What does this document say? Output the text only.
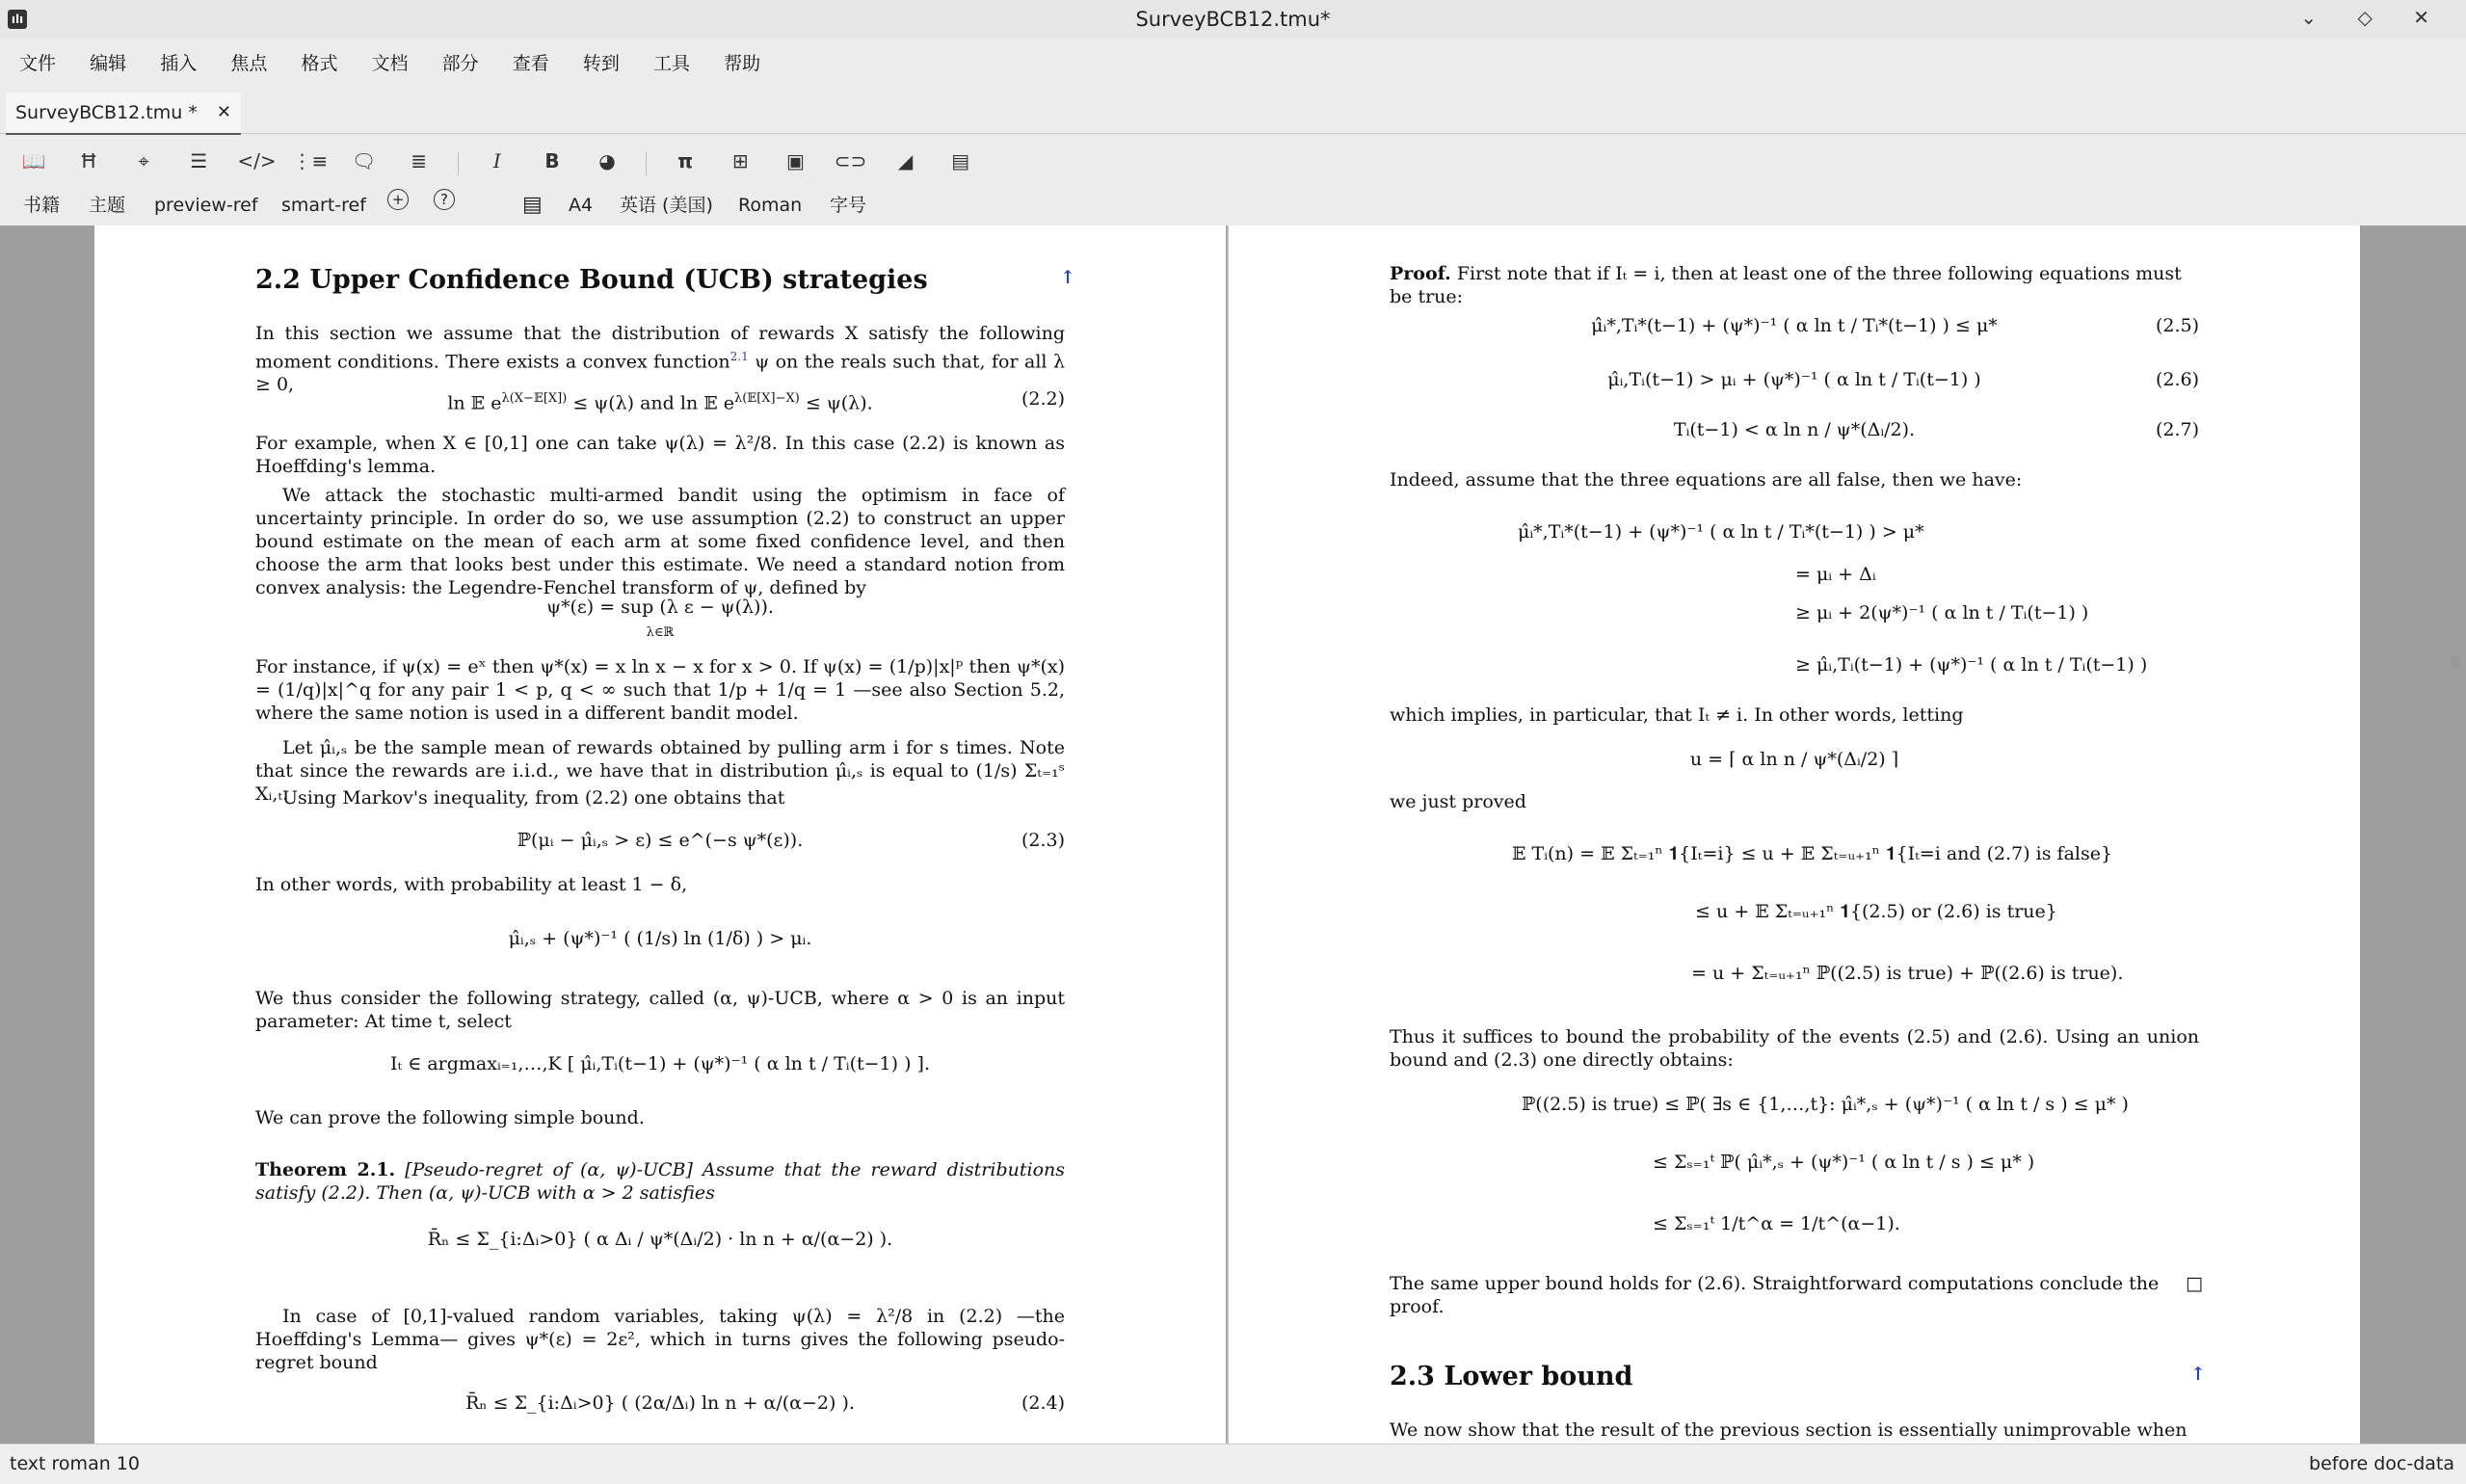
ılı	SurveyBCB12.tmu*	⌄ ◇ ✕
文件 编辑 插入 焦点 格式 文档 部分 查看 转到 工具 帮助
SurveyBCB12.tmu * ✕
📖 Ħ ⌖ ☰ </> ⋮≡ 🗨 ≣	I B ◕	π ⊞ ▣ ⊂⊃ ◢ ▤
书籍 主题 preview-ref smart-ref	+	?	▤ A4 英语 (美国) Roman 字号
2.2 Upper Confidence Bound (UCB) strategies	↑
In this section we assume that the distribution of rewards X satisfy the following moment conditions. There exists a convex function$^{2.1}$ ψ on the reals such that, for all λ ≥ 0,
ln 𝔼 $e^{\lambda(X-𝔼[X])} \le \psi(\lambda)$ and ln 𝔼 $e^{\lambda(𝔼[X]-X)} \le \psi(\lambda)$.	(2.2)
For example, when X ∈ [0,1] one can take ψ(λ) = λ²/8. In this case (2.2) is known as Hoeffding's lemma.
We attack the stochastic multi-armed bandit using the optimism in face of uncertainty principle. In order do so, we use assumption (2.2) to construct an upper bound estimate on the mean of each arm at some fixed confidence level, and then choose the arm that looks best under this estimate. We need a standard notion from convex analysis: the Legendre-Fenchel transform of ψ, defined by
ψ*(ε) = sup (λ ε − ψ(λ)).
λ∈ℝ
For instance, if ψ(x) = eˣ then ψ*(x) = x ln x − x for x > 0. If ψ(x) = (1/p)|x|ᵖ then ψ*(x) = (1/q)|x|^q for any pair 1 < p, q < ∞ such that 1/p + 1/q = 1 —see also Section 5.2, where the same notion is used in a different bandit model.
Let μ̂ᵢ,ₛ be the sample mean of rewards obtained by pulling arm i for s times. Note that since the rewards are i.i.d., we have that in distribution μ̂ᵢ,ₛ is equal to (1/s) Σₜ₌₁ˢ Xᵢ,ₜ.
Using Markov's inequality, from (2.2) one obtains that
ℙ(μᵢ − μ̂ᵢ,ₛ > ε) ≤ e^(−s ψ*(ε)).	(2.3)
In other words, with probability at least 1 − δ,
μ̂ᵢ,ₛ + (ψ*)⁻¹ ( (1/s) ln (1/δ) ) > μᵢ.
We thus consider the following strategy, called (α, ψ)-UCB, where α > 0 is an input parameter: At time t, select
Iₜ ∈ argmaxᵢ₌₁,…,K [ μ̂ᵢ,Tᵢ(t−1) + (ψ*)⁻¹ ( α ln t / Tᵢ(t−1) ) ].
We can prove the following simple bound.
Theorem 2.1. [Pseudo-regret of (α, ψ)-UCB] Assume that the reward distributions satisfy (2.2). Then (α, ψ)-UCB with α > 2 satisfies
R̄ₙ ≤ Σ_{i:Δᵢ>0} ( α Δᵢ / ψ*(Δᵢ/2) · ln n + α/(α−2) ).
In case of [0,1]-valued random variables, taking ψ(λ) = λ²/8 in (2.2) —the Hoeffding's Lemma— gives ψ*(ε) = 2ε², which in turns gives the following pseudo-regret bound
R̄ₙ ≤ Σ_{i:Δᵢ>0} ( (2α/Δᵢ) ln n + α/(α−2) ).	(2.4)
Proof. First note that if Iₜ = i, then at least one of the three following equations must be true:
μ̂ᵢ*,Tᵢ*(t−1) + (ψ*)⁻¹ ( α ln t / Tᵢ*(t−1) ) ≤ μ*	(2.5)
μ̂ᵢ,Tᵢ(t−1) > μᵢ + (ψ*)⁻¹ ( α ln t / Tᵢ(t−1) )	(2.6)
Tᵢ(t−1) < α ln n / ψ*(Δᵢ/2).	(2.7)
Indeed, assume that the three equations are all false, then we have:
μ̂ᵢ*,Tᵢ*(t−1) + (ψ*)⁻¹ ( α ln t / Tᵢ*(t−1) ) > μ*
= μᵢ + Δᵢ
≥ μᵢ + 2(ψ*)⁻¹ ( α ln t / Tᵢ(t−1) )
≥ μ̂ᵢ,Tᵢ(t−1) + (ψ*)⁻¹ ( α ln t / Tᵢ(t−1) )
which implies, in particular, that Iₜ ≠ i. In other words, letting
u = ⌈ α ln n / ψ*(Δᵢ/2) ⌉
we just proved
𝔼 Tᵢ(n) = 𝔼 Σₜ₌₁ⁿ 𝟏{Iₜ=i} ≤ u + 𝔼 Σₜ₌ᵤ₊₁ⁿ 𝟏{Iₜ=i and (2.7) is false}
≤ u + 𝔼 Σₜ₌ᵤ₊₁ⁿ 𝟏{(2.5) or (2.6) is true}
= u + Σₜ₌ᵤ₊₁ⁿ ℙ((2.5) is true) + ℙ((2.6) is true).
Thus it suffices to bound the probability of the events (2.5) and (2.6). Using an union bound and (2.3) one directly obtains:
ℙ((2.5) is true) ≤ ℙ( ∃s ∈ {1,…,t}: μ̂ᵢ*,ₛ + (ψ*)⁻¹ ( α ln t / s ) ≤ μ* )
≤ Σₛ₌₁ᵗ ℙ( μ̂ᵢ*,ₛ + (ψ*)⁻¹ ( α ln t / s ) ≤ μ* )
≤ Σₛ₌₁ᵗ 1/t^α = 1/t^(α−1).
The same upper bound holds for (2.6). Straightforward computations conclude the proof.
□
2.3 Lower bound	↑
We now show that the result of the previous section is essentially unimprovable when
text roman 10	before doc-data
